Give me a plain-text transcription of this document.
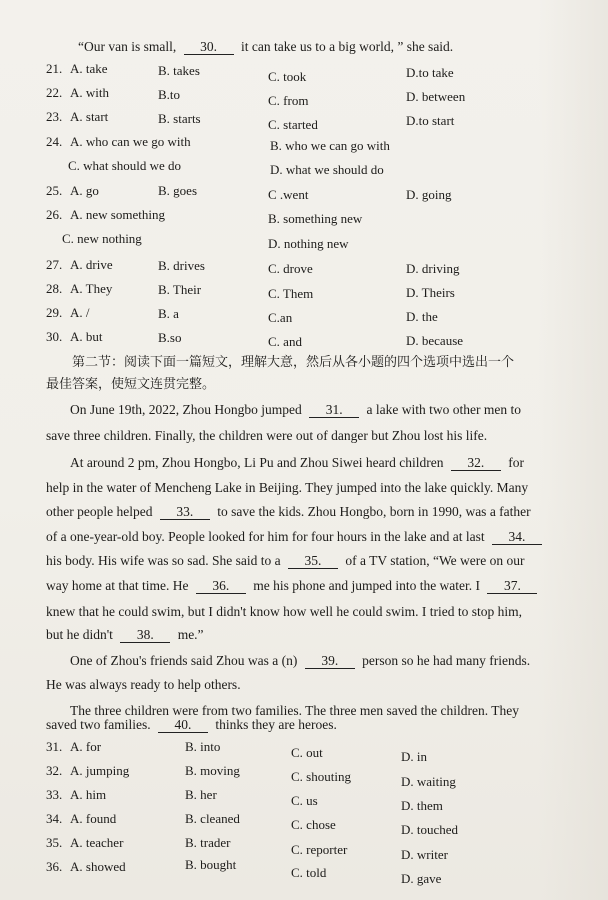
“Our van is small, 30. it can take us to a big world, ” she said.
21. A. take	B. takes	C. took	D.to take
22. A. with	B.to	C. from	D. between
23. A. start	B. starts	C. started	D.to start
24. A. who can we go with	B. who we can go with
C. what should we do	D. what we should do
25. A. go	B. goes	C .went	D. going
26. A. new something	B. something new
C. new nothing	D. nothing new
27. A. drive	B. drives	C. drove	D. driving
28. A. They	B. Their	C. Them	D. Theirs
29. A. /	B. a	C.an	D. the
30. A. but	B.so	C. and	D. because
第二节：阅读下面一篇短文，理解大意，然后从各小题的四个选项中选出一个
最佳答案，使短文连贯完整。
On June 19th, 2022, Zhou Hongbo jumped 31. a lake with two other men to
save three children. Finally, the children were out of danger but Zhou lost his life.
At around 2 pm, Zhou Hongbo, Li Pu and Zhou Siwei heard children 32. for
help in the water of Mencheng Lake in Beijing. They jumped into the lake quickly. Many
other people helped 33. to save the kids. Zhou Hongbo, born in 1990, was a father
of a one-year-old boy. People looked for him for four hours in the lake and at last 34.
his body. His wife was so sad. She said to a 35. of a TV station, “We were on our
way home at that time. He 36. me his phone and jumped into the water. I 37.
knew that he could swim, but I didn't know how well he could swim. I tried to stop him,
but he didn't 38. me.”
One of Zhou's friends said Zhou was a (n) 39. person so he had many friends.
He was always ready to help others.
The three children were from two families. The three men saved the children. They
saved two families. 40. thinks they are heroes.
31. A. for	B. into	C. out	D. in
32. A. jumping	B. moving	C. shouting	D. waiting
33. A. him	B. her	C. us	D. them
34. A. found	B. cleaned	C. chose	D. touched
35. A. teacher	B. trader	C. reporter	D. writer
36. A. showed	B. bought
C. told	D. gave
